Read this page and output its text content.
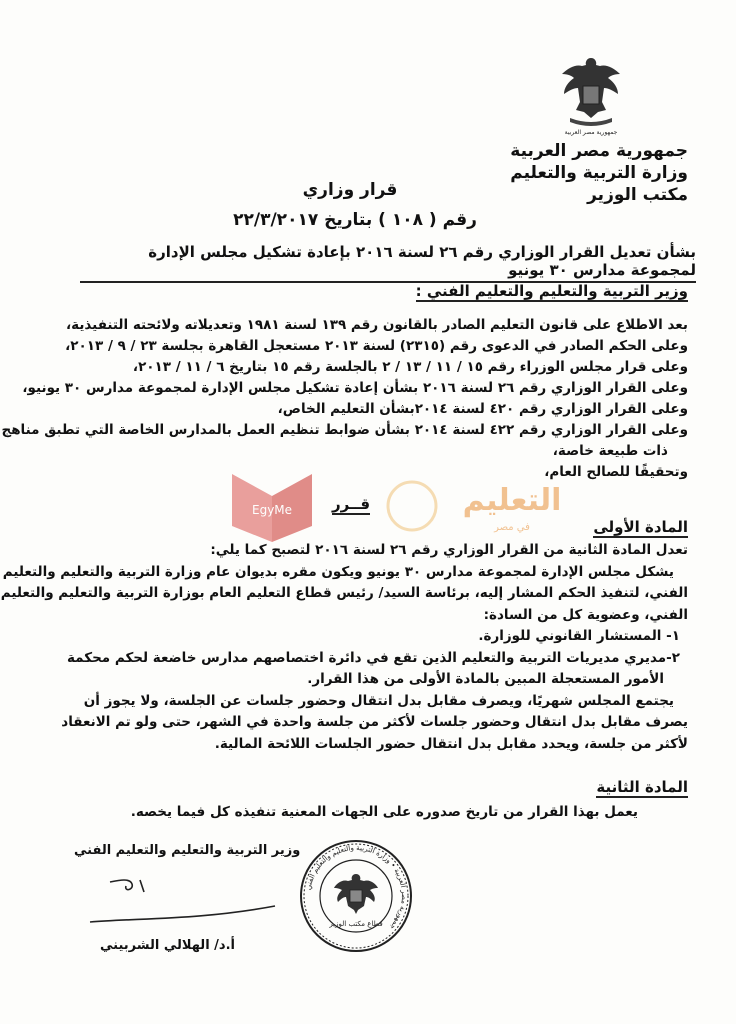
جمهورية مصر العربية
جمهورية مصر العربية
وزارة التربية والتعليم
مكتب الوزير
قرار وزاري
رقم ( ١٠٨ ) بتاريخ ٢٢/٣/٢٠١٧
بشأن تعديل القرار الوزاري رقم ٢٦ لسنة ٢٠١٦ بإعادة تشكيل مجلس الإدارة لمجموعة مدارس ٣٠ يونيو
وزير التربية والتعليم والتعليم الفني :
بعد الاطلاع على قانون التعليم الصادر بالقانون رقم ١٣٩ لسنة ١٩٨١ وتعديلاته ولائحته التنفيذية،
وعلى الحكم الصادر في الدعوى رقم (٢٣١٥) لسنة ٢٠١٣ مستعجل القاهرة بجلسة ٢٣ / ٩ / ٢٠١٣،
وعلى قرار مجلس الوزراء رقم ١٥ / ١١ / ١٣ / ٢ بالجلسة رقم ١٥ بتاريخ ٦ / ١١ / ٢٠١٣،
وعلى القرار الوزاري رقم ٢٦ لسنة ٢٠١٦ بشأن إعادة تشكيل مجلس الإدارة لمجموعة مدارس ٣٠ يونيو،
وعلى القرار الوزاري رقم ٤٢٠ لسنة ٢٠١٤بشأن التعليم الخاص،
وعلى القرار الوزاري رقم ٤٢٢ لسنة ٢٠١٤ بشأن ضوابط تنظيم العمل بالمدارس الخاصة التي تطبق مناهج
ذات طبيعة خاصة،
وتحقيقًا للصالح العام،
EgyMe	التعليم
في مصر
قــرر
المادة الأولى
تعدل المادة الثانية من القرار الوزاري رقم ٢٦ لسنة ٢٠١٦ لتصبح كما يلي:
يشكل مجلس الإدارة لمجموعة مدارس ٣٠ يونيو ويكون مقره بديوان عام وزارة التربية والتعليم والتعليم
الفني، لتنفيذ الحكم المشار إليه، برئاسة السيد/ رئيس قطاع التعليم العام بوزارة التربية والتعليم والتعليم
الفني، وعضوية كل من السادة:
١- المستشار القانوني للوزارة.
٢-مديري مديريات التربية والتعليم الذين تقع في دائرة اختصاصهم مدارس خاضعة لحكم محكمة
الأمور المستعجلة المبين بالمادة الأولى من هذا القرار.
يجتمع المجلس شهريًا، ويصرف مقابل بدل انتقال وحضور جلسات عن الجلسة، ولا يجوز أن
يصرف مقابل بدل انتقال وحضور جلسات لأكثر من جلسة واحدة في الشهر، حتى ولو تم الانعقاد
لأكثر من جلسة، ويحدد مقابل بدل انتقال حضور الجلسات اللائحة المالية.
المادة الثانية
يعمل بهذا القرار من تاريخ صدوره على الجهات المعنية تنفيذه كل فيما يخصه.
وزير التربية والتعليم والتعليم الفني
أ.د/ الهلالي الشربيني
جمهورية مصر العربية • وزارة التربية والتعليم والتعليم الفني
قطاع مكتب الوزير
